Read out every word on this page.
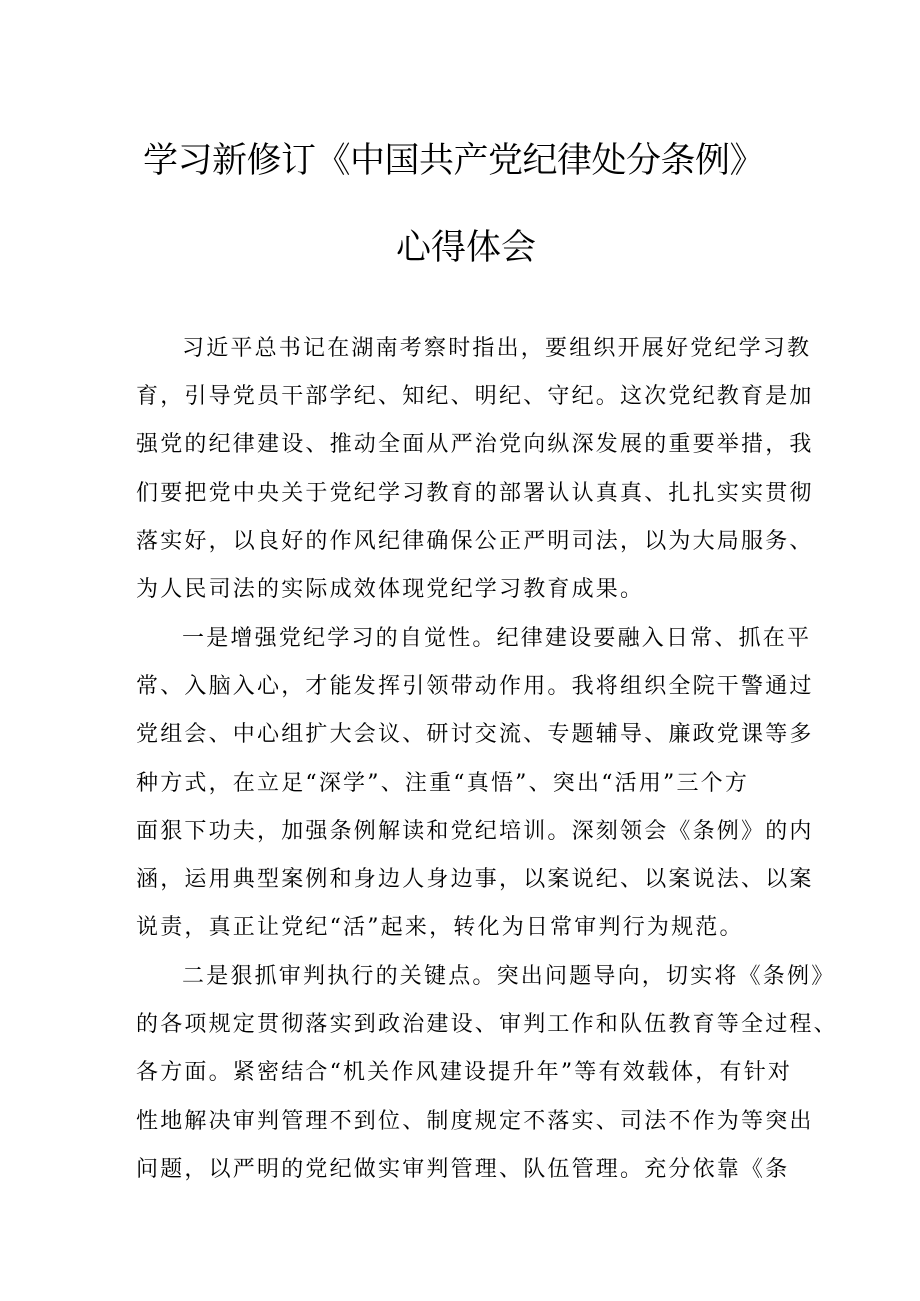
学习新修订《中国共产党纪律处分条例》
心得体会
习近平总书记在湖南考察时指出，要组织开展好党纪学习教
育，引导党员干部学纪、知纪、明纪、守纪。这次党纪教育是加
强党的纪律建设、推动全面从严治党向纵深发展的重要举措，我
们要把党中央关于党纪学习教育的部署认认真真、扎扎实实贯彻
落实好，以良好的作风纪律确保公正严明司法，以为大局服务、
为人民司法的实际成效体现党纪学习教育成果。
一是增强党纪学习的自觉性。纪律建设要融入日常、抓在平
常、入脑入心，才能发挥引领带动作用。我将组织全院干警通过
党组会、中心组扩大会议、研讨交流、专题辅导、廉政党课等多
种方式，在立足“深学”、注重“真悟”、突出“活用”三个方
面狠下功夫，加强条例解读和党纪培训。深刻领会《条例》的内
涵，运用典型案例和身边人身边事，以案说纪、以案说法、以案
说责，真正让党纪“活”起来，转化为日常审判行为规范。
二是狠抓审判执行的关键点。突出问题导向，切实将《条例》
的各项规定贯彻落实到政治建设、审判工作和队伍教育等全过程、
各方面。紧密结合“机关作风建设提升年”等有效载体，有针对
性地解决审判管理不到位、制度规定不落实、司法不作为等突出
问题，以严明的党纪做实审判管理、队伍管理。充分依靠《条
